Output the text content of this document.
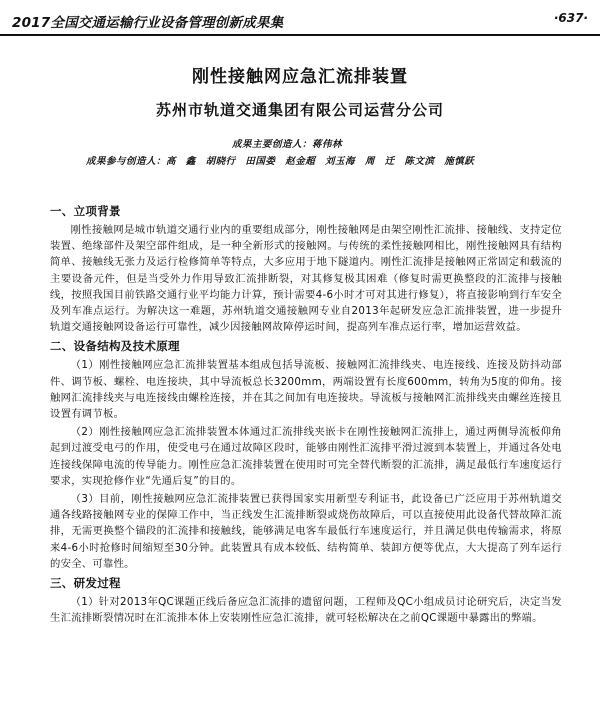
2017全国交通运输行业设备管理创新成果集	·637·
刚性接触网应急汇流排装置
苏州市轨道交通集团有限公司运营分公司
成果主要创造人：蒋伟林
成果参与创造人：高 鑫 胡晓行 田国娄 赵金超 刘玉海 周 迁 陈文滨 施慎跃
一、立项背景

刚性接触网是城市轨道交通行业内的重要组成部分，刚性接触网是由架空刚性汇流排、接触线、支持定位装置、绝缘部件及架空部件组成，是一种全新形式的接触网。与传统的柔性接触网相比，刚性接触网具有结构简单、接触线无张力及运行检修简单等特点，大多应用于地下隧道内。刚性汇流排是接触网正常固定和载流的主要设备元件，但是当受外力作用导致汇流排断裂，对其修复极其困难（修复时需更换整段的汇流排与接触线，按照我国目前铁路交通行业平均能力计算，预计需要4-6小时才可对其进行修复），将直接影响到行车安全及列车准点运行。为解决这一难题，苏州轨道交通接触网专业自2013年起研发应急汇流排装置，进一步提升轨道交通接触网设备运行可靠性，减少因接触网故障停运时间，提高列车准点运行率，增加运营效益。

二、设备结构及技术原理

（1）刚性接触网应急汇流排装置基本组成包括导流板、接触网汇流排线夹、电连接线、连接及防抖动部件、调节板、螺栓、电连接块，其中导流板总长3200mm，两端设置有长度600mm，转角为5度的仰角。接触网汇流排线夹与电连接线由螺栓连接，并在其之间加有电连接块。导流板与接触网汇流排线夹由螺丝连接且设置有调节板。

（2）刚性接触网应急汇流排装置本体通过汇流排线夹嵌卡在刚性接触网汇流排上，通过两侧导流板仰角起到过渡受电弓的作用，使受电弓在通过故障区段时，能够由刚性汇流排平滑过渡到本装置上，并通过各处电连接线保障电流的传导能力。刚性应急汇流排装置在使用时可完全替代断裂的汇流排，满足最低行车速度运行要求，实现抢修作业“先通后复”的目的。

（3）目前，刚性接触网应急汇流排装置已获得国家实用新型专利证书，此设备已广泛应用于苏州轨道交通各线路接触网专业的保障工作中，当正线发生汇流排断裂或烧伤故障后，可以直接使用此设备代替故障汇流排，无需更换整个锚段的汇流排和接触线，能够满足电客车最低行车速度运行，并且满足供电传输需求，将原来4-6小时抢修时间缩短至30分钟。此装置具有成本较低、结构简单、装卸方便等优点，大大提高了列车运行的安全、可靠性。

三、研发过程

（1）针对2013年QC课题正线后备应急汇流排的遗留问题，工程师及QC小组成员讨论研究后，决定当发生汇流排断裂情况时在汇流排本体上安装刚性应急汇流排，就可轻松解决在之前QC课题中暴露出的弊端。
